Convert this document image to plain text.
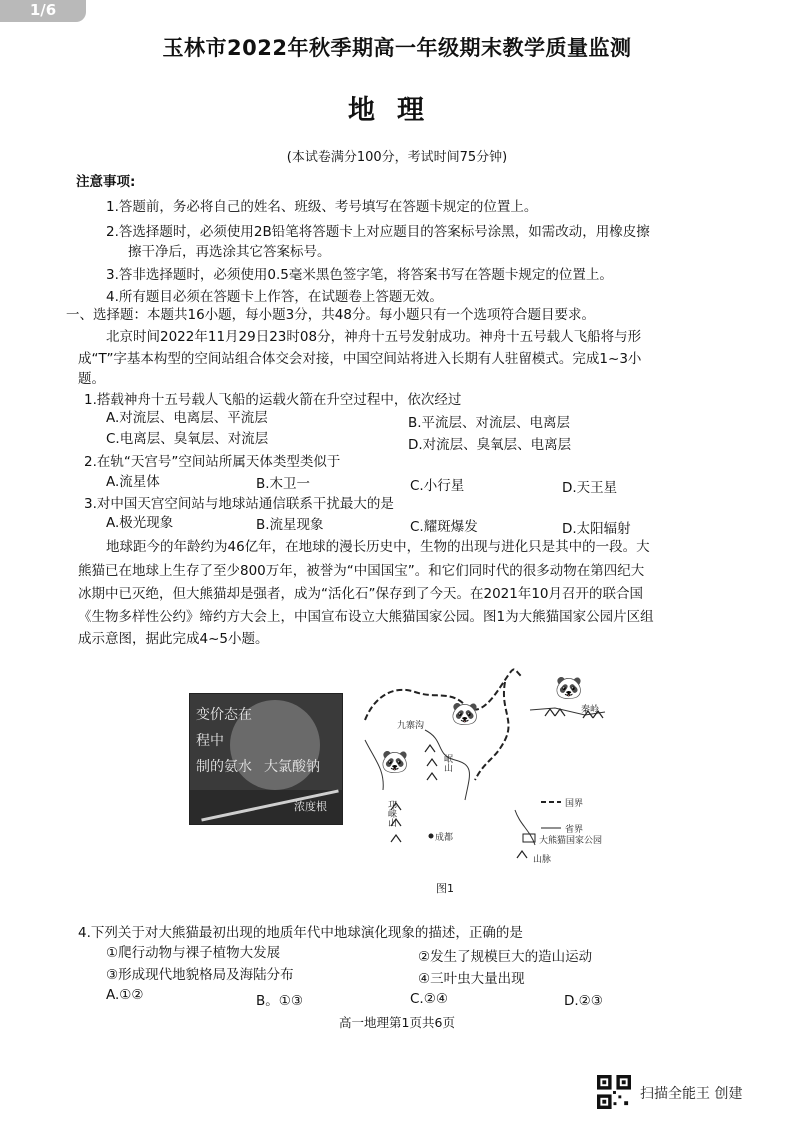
1/6
玉林市2022年秋季期高一年级期末教学质量监测
地理
(本试卷满分100分，考试时间75分钟)
注意事项:
1.答题前，务必将自己的姓名、班级、考号填写在答题卡规定的位置上。
2.答选择题时，必须使用2B铅笔将答题卡上对应题目的答案标号涂黑，如需改动，用橡皮擦
擦干净后，再选涂其它答案标号。
3.答非选择题时，必须使用0.5毫米黑色签字笔，将答案书写在答题卡规定的位置上。
4.所有题目必须在答题卡上作答，在试题卷上答题无效。
一、选择题：本题共16小题，每小题3分，共48分。每小题只有一个选项符合题目要求。
北京时间2022年11月29日23时08分，神舟十五号发射成功。神舟十五号载人飞船将与形
成“T”字基本构型的空间站组合体交会对接，中国空间站将进入长期有人驻留模式。完成1~3小
题。
1.搭载神舟十五号载人飞船的运载火箭在升空过程中，依次经过
A.对流层、电离层、平流层	B.平流层、对流层、电离层
C.电离层、臭氧层、对流层	D.对流层、臭氧层、电离层
2.在轨“天宫号”空间站所属天体类型类似于
A.流星体	B.木卫一	C.小行星	D.天王星
3.对中国天宫空间站与地球站通信联系干扰最大的是
A.极光现象	B.流星现象	C.耀斑爆发	D.太阳辐射
地球距今的年龄约为46亿年，在地球的漫长历史中，生物的出现与进化只是其中的一段。大
熊猫已在地球上生存了至少800万年，被誉为“中国国宝”。和它们同时代的很多动物在第四纪大
冰期中已灭绝，但大熊猫却是强者，成为“活化石”保存到了今天。在2021年10月召开的联合国
《生物多样性公约》缔约方大会上，中国宣布设立大熊猫国家公园。图1为大熊猫国家公园片区组
成示意图，据此完成4~5小题。
变价态在
程中
制的氨水 大氯酸钠
浓度根
🐼
🐼
🐼
九寨沟
岷山
邛崃山
成都
秦岭
国界
省界
大熊猫国家公园
山脉
图1
4.下列关于对大熊猫最初出现的地质年代中地球演化现象的描述，正确的是
①爬行动物与裸子植物大发展	②发生了规模巨大的造山运动
③形成现代地貌格局及海陆分布	④三叶虫大量出现
A.①②	B。①③	C.②④	D.②③
高一地理第1页共6页
扫描全能王 创建
